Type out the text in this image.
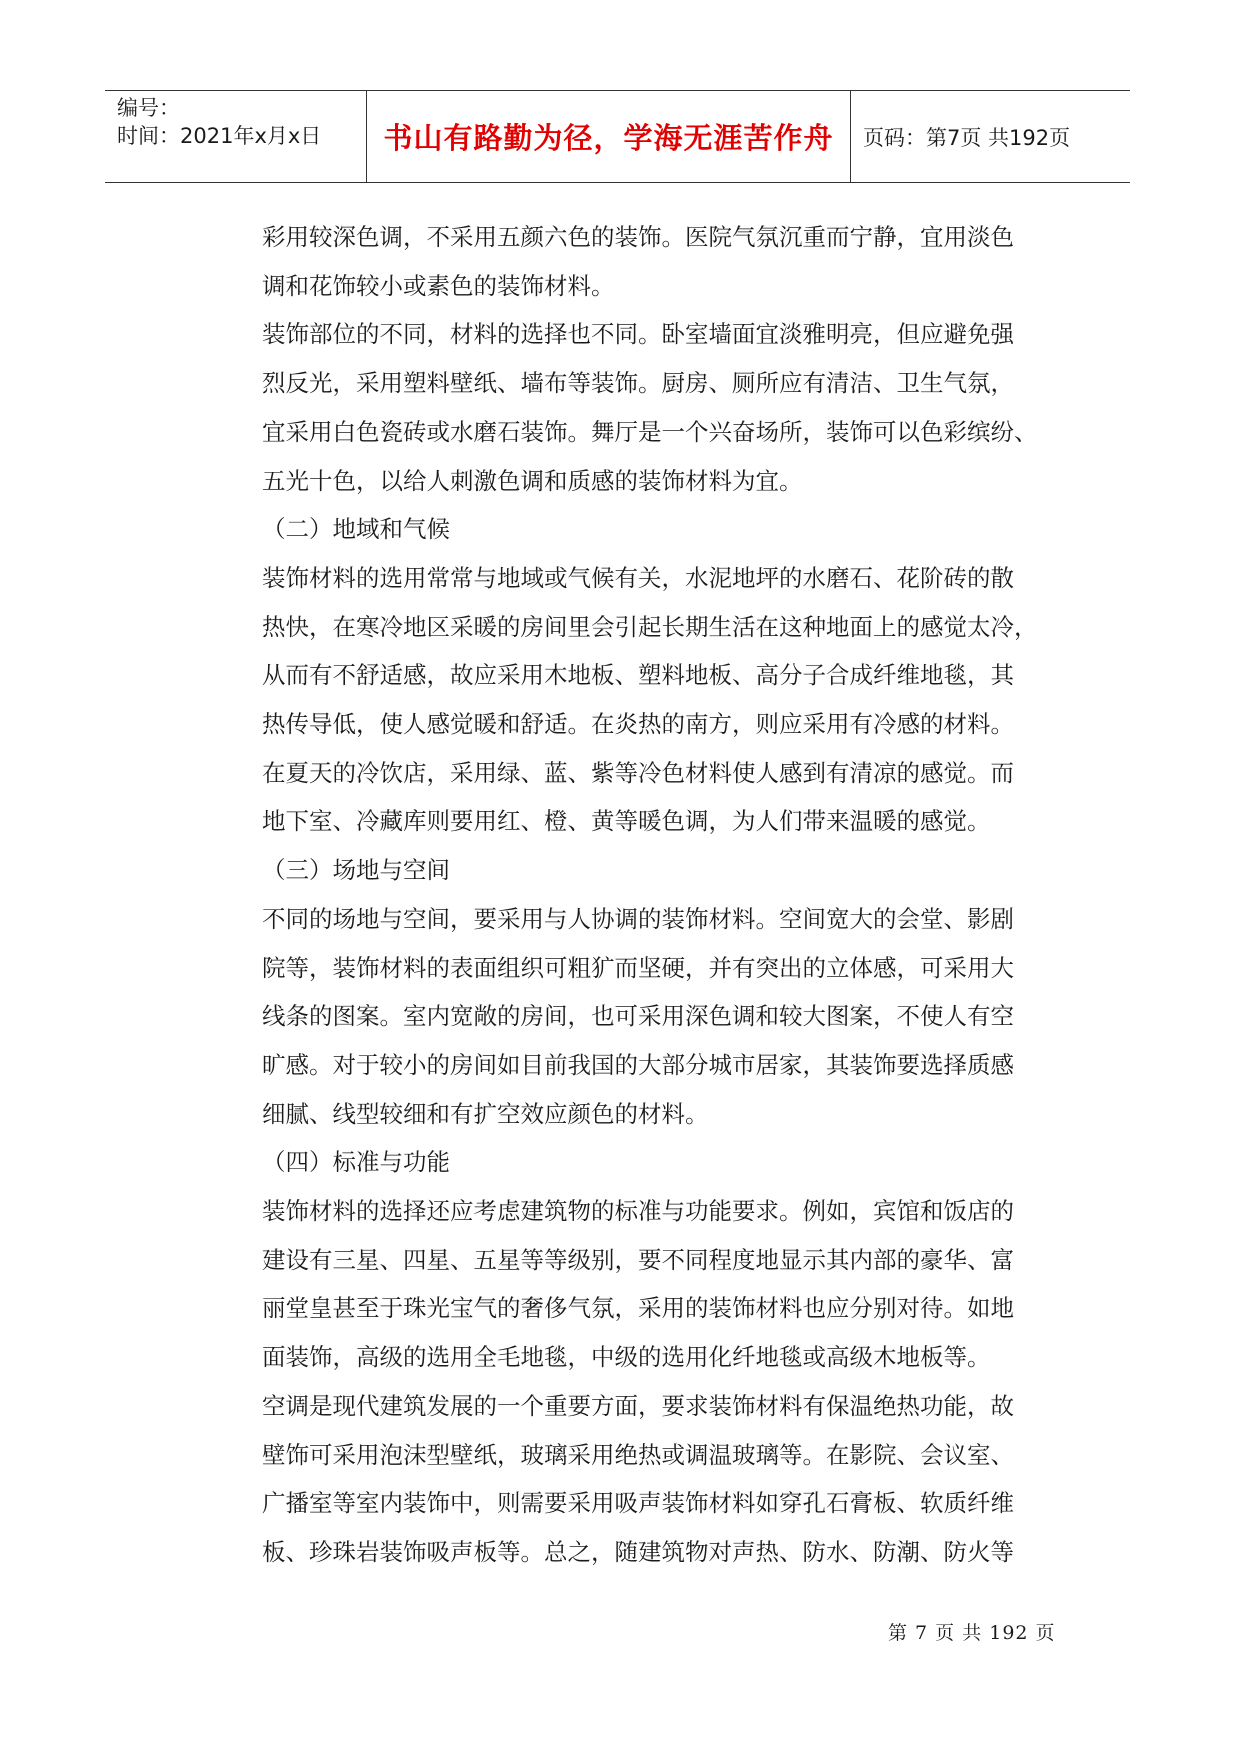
编号：
时间：2021年x月x日	书山有路勤为径，学海无涯苦作舟	页码：第7页 共192页

彩用较深色调，不采用五颜六色的装饰。医院气氛沉重而宁静，宜用淡色

调和花饰较小或素色的装饰材料。

装饰部位的不同，材料的选择也不同。卧室墙面宜淡雅明亮，但应避免强

烈反光，采用塑料壁纸、墙布等装饰。厨房、厕所应有清洁、卫生气氛，

宜采用白色瓷砖或水磨石装饰。舞厅是一个兴奋场所，装饰可以色彩缤纷、

五光十色，以给人刺激色调和质感的装饰材料为宜。

（二）地域和气候

装饰材料的选用常常与地域或气候有关，水泥地坪的水磨石、花阶砖的散

热快，在寒冷地区采暖的房间里会引起长期生活在这种地面上的感觉太冷，

从而有不舒适感，故应采用木地板、塑料地板、高分子合成纤维地毯，其

热传导低，使人感觉暖和舒适。在炎热的南方，则应采用有冷感的材料。

在夏天的冷饮店，采用绿、蓝、紫等冷色材料使人感到有清凉的感觉。而

地下室、冷藏库则要用红、橙、黄等暖色调，为人们带来温暖的感觉。

（三）场地与空间

不同的场地与空间，要采用与人协调的装饰材料。空间宽大的会堂、影剧

院等，装饰材料的表面组织可粗犷而坚硬，并有突出的立体感，可采用大

线条的图案。室内宽敞的房间，也可采用深色调和较大图案，不使人有空

旷感。对于较小的房间如目前我国的大部分城市居家，其装饰要选择质感

细腻、线型较细和有扩空效应颜色的材料。

（四）标准与功能

装饰材料的选择还应考虑建筑物的标准与功能要求。例如，宾馆和饭店的

建设有三星、四星、五星等等级别，要不同程度地显示其内部的豪华、富

丽堂皇甚至于珠光宝气的奢侈气氛，采用的装饰材料也应分别对待。如地

面装饰，高级的选用全毛地毯，中级的选用化纤地毯或高级木地板等。

空调是现代建筑发展的一个重要方面，要求装饰材料有保温绝热功能，故

壁饰可采用泡沫型壁纸，玻璃采用绝热或调温玻璃等。在影院、会议室、

广播室等室内装饰中，则需要采用吸声装饰材料如穿孔石膏板、软质纤维

板、珍珠岩装饰吸声板等。总之，随建筑物对声热、防水、防潮、防火等

第 7 页 共 192 页
